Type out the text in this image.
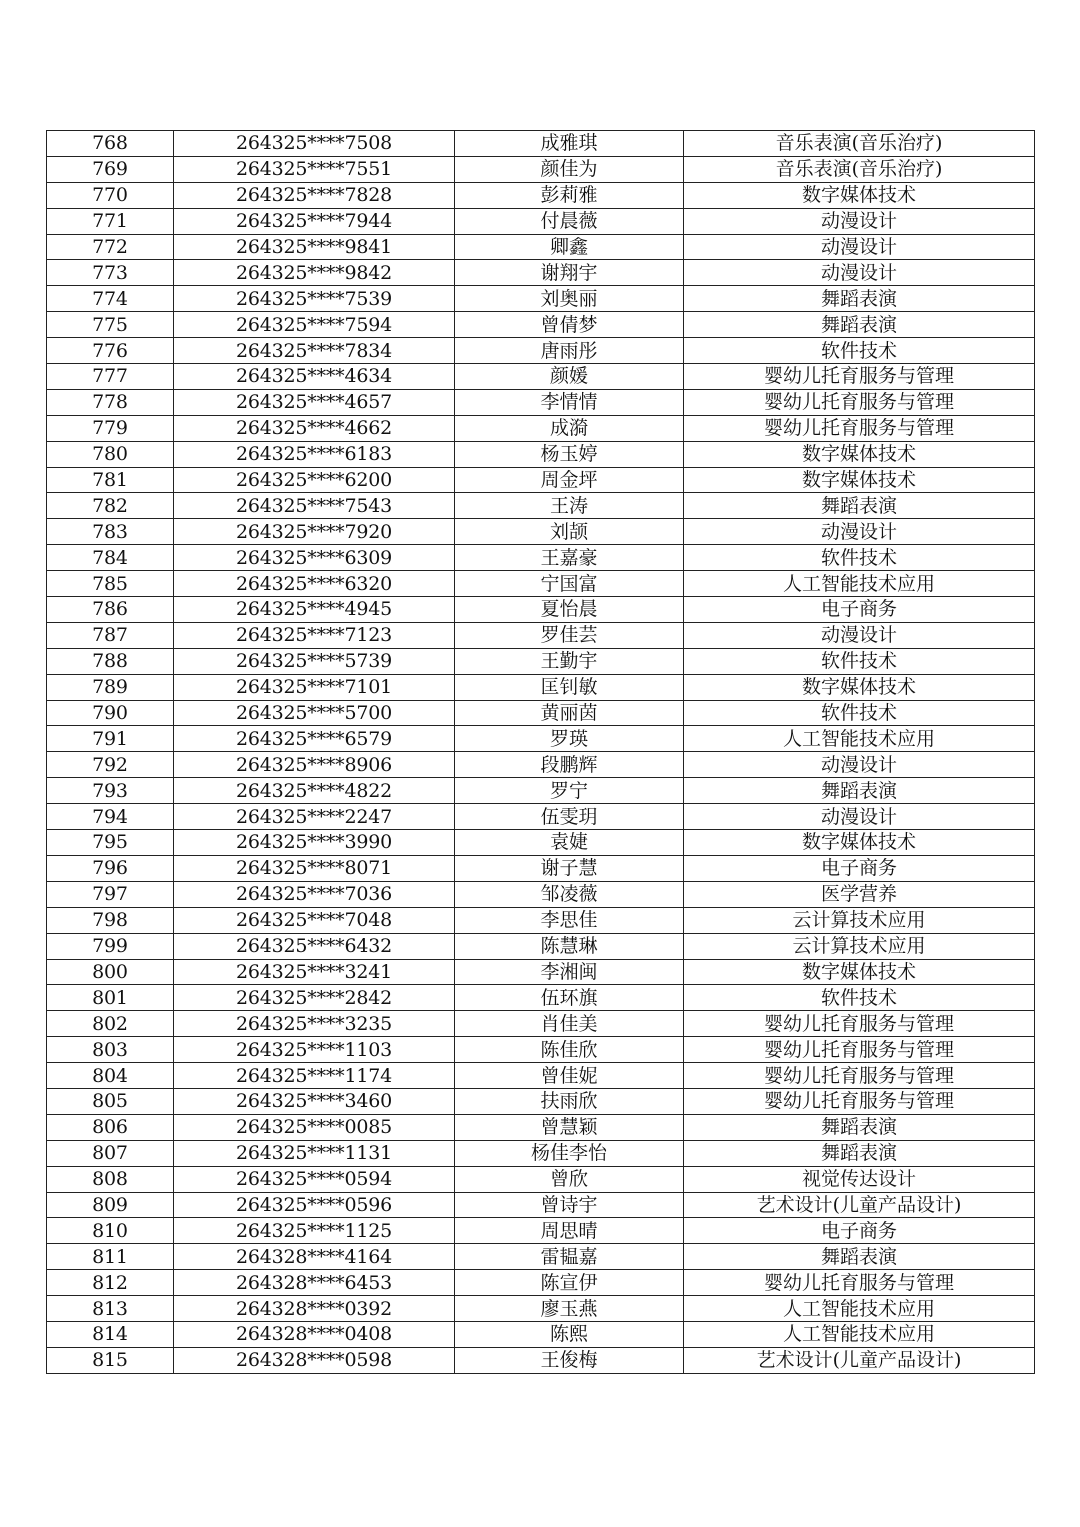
768	264325****7508	成雅琪	音乐表演(音乐治疗)
769	264325****7551	颜佳为	音乐表演(音乐治疗)
770	264325****7828	彭莉雅	数字媒体技术
771	264325****7944	付晨薇	动漫设计
772	264325****9841	卿鑫	动漫设计
773	264325****9842	谢翔宇	动漫设计
774	264325****7539	刘奥丽	舞蹈表演
775	264325****7594	曾倩梦	舞蹈表演
776	264325****7834	唐雨彤	软件技术
777	264325****4634	颜媛	婴幼儿托育服务与管理
778	264325****4657	李情情	婴幼儿托育服务与管理
779	264325****4662	成漪	婴幼儿托育服务与管理
780	264325****6183	杨玉婷	数字媒体技术
781	264325****6200	周金坪	数字媒体技术
782	264325****7543	王涛	舞蹈表演
783	264325****7920	刘颉	动漫设计
784	264325****6309	王嘉豪	软件技术
785	264325****6320	宁国富	人工智能技术应用
786	264325****4945	夏怡晨	电子商务
787	264325****7123	罗佳芸	动漫设计
788	264325****5739	王勤宇	软件技术
789	264325****7101	匡钊敏	数字媒体技术
790	264325****5700	黄丽茵	软件技术
791	264325****6579	罗瑛	人工智能技术应用
792	264325****8906	段鹏辉	动漫设计
793	264325****4822	罗宁	舞蹈表演
794	264325****2247	伍雯玥	动漫设计
795	264325****3990	袁婕	数字媒体技术
796	264325****8071	谢子慧	电子商务
797	264325****7036	邹凌薇	医学营养
798	264325****7048	李思佳	云计算技术应用
799	264325****6432	陈慧琳	云计算技术应用
800	264325****3241	李湘闽	数字媒体技术
801	264325****2842	伍环旗	软件技术
802	264325****3235	肖佳美	婴幼儿托育服务与管理
803	264325****1103	陈佳欣	婴幼儿托育服务与管理
804	264325****1174	曾佳妮	婴幼儿托育服务与管理
805	264325****3460	扶雨欣	婴幼儿托育服务与管理
806	264325****0085	曾慧颖	舞蹈表演
807	264325****1131	杨佳李怡	舞蹈表演
808	264325****0594	曾欣	视觉传达设计
809	264325****0596	曾诗宇	艺术设计(儿童产品设计)
810	264325****1125	周思晴	电子商务
811	264328****4164	雷韫嘉	舞蹈表演
812	264328****6453	陈宣伊	婴幼儿托育服务与管理
813	264328****0392	廖玉燕	人工智能技术应用
814	264328****0408	陈熙	人工智能技术应用
815	264328****0598	王俊梅	艺术设计(儿童产品设计)
